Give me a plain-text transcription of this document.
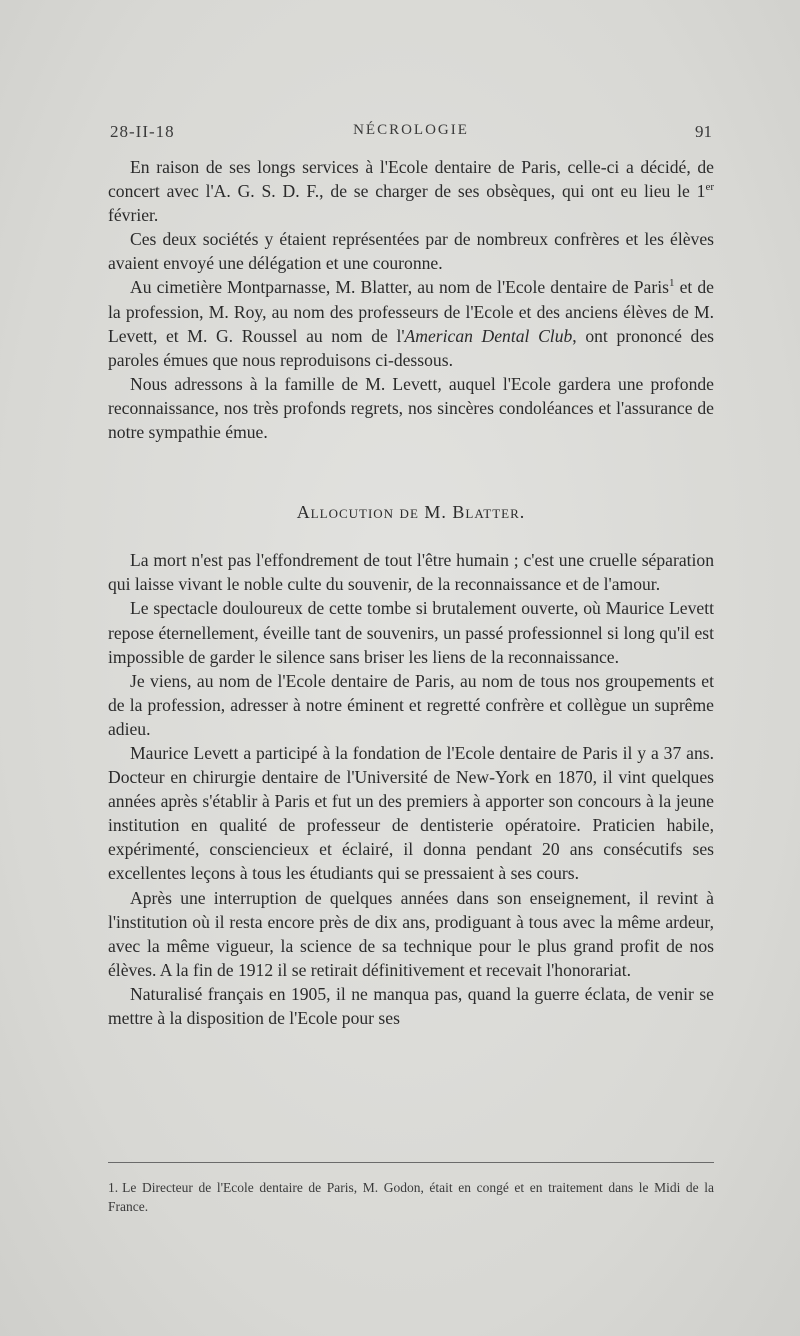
28-II-18	NÉCROLOGIE	91

En raison de ses longs services à l'Ecole dentaire de Paris, celle-ci a décidé, de concert avec l'A. G. S. D. F., de se charger de ses obsèques, qui ont eu lieu le 1er février.

Ces deux sociétés y étaient représentées par de nombreux confrères et les élèves avaient envoyé une délégation et une couronne.

Au cimetière Montparnasse, M. Blatter, au nom de l'Ecole dentaire de Paris$^1$ et de la profession, M. Roy, au nom des professeurs de l'Ecole et des anciens élèves de M. Levett, et M. G. Roussel au nom de l'American Dental Club, ont prononcé des paroles émues que nous reproduisons ci-dessous.

Nous adressons à la famille de M. Levett, auquel l'Ecole gardera une profonde reconnaissance, nos très profonds regrets, nos sincères condoléances et l'assurance de notre sympathie émue.

Allocution de M. Blatter.

La mort n'est pas l'effondrement de tout l'être humain ; c'est une cruelle séparation qui laisse vivant le noble culte du souvenir, de la reconnaissance et de l'amour.

Le spectacle douloureux de cette tombe si brutalement ouverte, où Maurice Levett repose éternellement, éveille tant de souvenirs, un passé professionnel si long qu'il est impossible de garder le silence sans briser les liens de la reconnaissance.

Je viens, au nom de l'Ecole dentaire de Paris, au nom de tous nos groupements et de la profession, adresser à notre éminent et regretté confrère et collègue un suprême adieu.

Maurice Levett a participé à la fondation de l'Ecole dentaire de Paris il y a 37 ans. Docteur en chirurgie dentaire de l'Université de New-York en 1870, il vint quelques années après s'établir à Paris et fut un des premiers à apporter son concours à la jeune institution en qualité de professeur de dentisterie opératoire. Praticien habile, expérimenté, consciencieux et éclairé, il donna pendant 20 ans consécutifs ses excellentes leçons à tous les étudiants qui se pressaient à ses cours.

Après une interruption de quelques années dans son enseignement, il revint à l'institution où il resta encore près de dix ans, prodiguant à tous avec la même ardeur, avec la même vigueur, la science de sa technique pour le plus grand profit de nos élèves. A la fin de 1912 il se retirait définitivement et recevait l'honorariat.

Naturalisé français en 1905, il ne manqua pas, quand la guerre éclata, de venir se mettre à la disposition de l'Ecole pour ses

1. Le Directeur de l'Ecole dentaire de Paris, M. Godon, était en congé et en traitement dans le Midi de la France.
